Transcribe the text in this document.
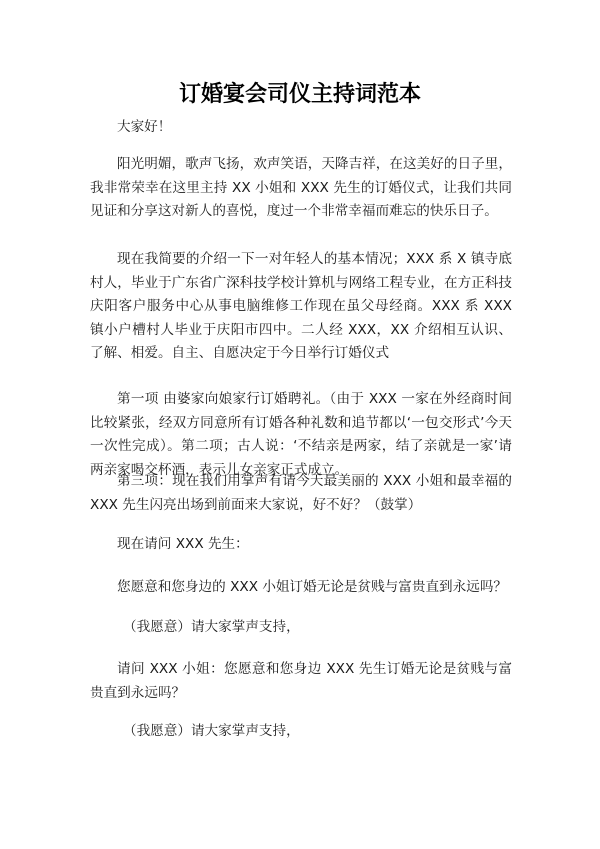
订婚宴会司仪主持词范本

大家好！

阳光明媚，歌声飞扬，欢声笑语，天降吉祥，在这美好的日子里，我非常荣幸在这里主持 XX 小姐和 XXX 先生的订婚仪式，让我们共同见证和分享这对新人的喜悦，度过一个非常幸福而难忘的快乐日子。

现在我简要的介绍一下一对年轻人的基本情况；XXX 系 X 镇寺底村人，毕业于广东省广深科技学校计算机与网络工程专业，在方正科技庆阳客户服务中心从事电脑维修工作现在虽父母经商。XXX 系 XXX 镇小户槽村人毕业于庆阳市四中。二人经 XXX，XX 介绍相互认识、了解、相爱。自主、自愿决定于今日举行订婚仪式

第一项 由婆家向娘家行订婚聘礼。（由于 XXX 一家在外经商时间比较紧张，经双方同意所有订婚各种礼数和追节都以‘一包交形式’今天一次性完成）。第二项；古人说：‘不结亲是两家，结了亲就是一家’请两亲家喝交杯酒，表示儿女亲家正式成立。

第三项：现在我们用掌声有请今天最美丽的 XXX 小姐和最幸福的 XXX 先生闪亮出场到前面来大家说，好不好？（鼓掌）

现在请问 XXX 先生：

您愿意和您身边的 XXX 小姐订婚无论是贫贱与富贵直到永远吗？

（我愿意）请大家掌声支持，

请问 XXX 小姐：您愿意和您身边 XXX 先生订婚无论是贫贱与富贵直到永远吗？

（我愿意）请大家掌声支持，
